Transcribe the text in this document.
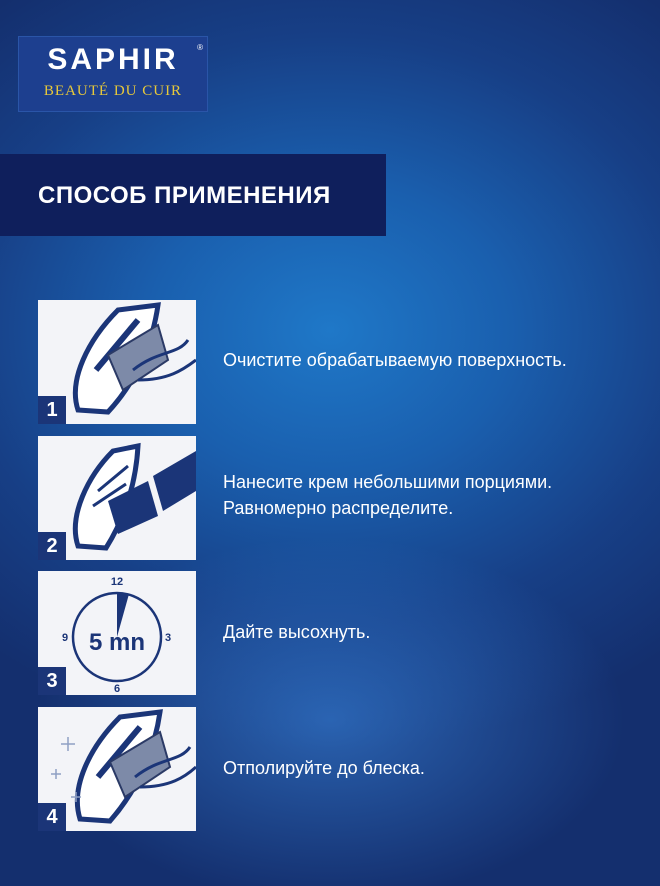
SAPHIR	®
BEAUTÉ DU CUIR
СПОСОБ ПРИМЕНЕНИЯ
1

Очистите обрабатываемую поверхность.

2

Нанесите крем небольшими порциями.
Равномерно распределите.

12
3
6
9 5 mn
3

Дайте высохнуть.

4

Отполируйте до блеска.
